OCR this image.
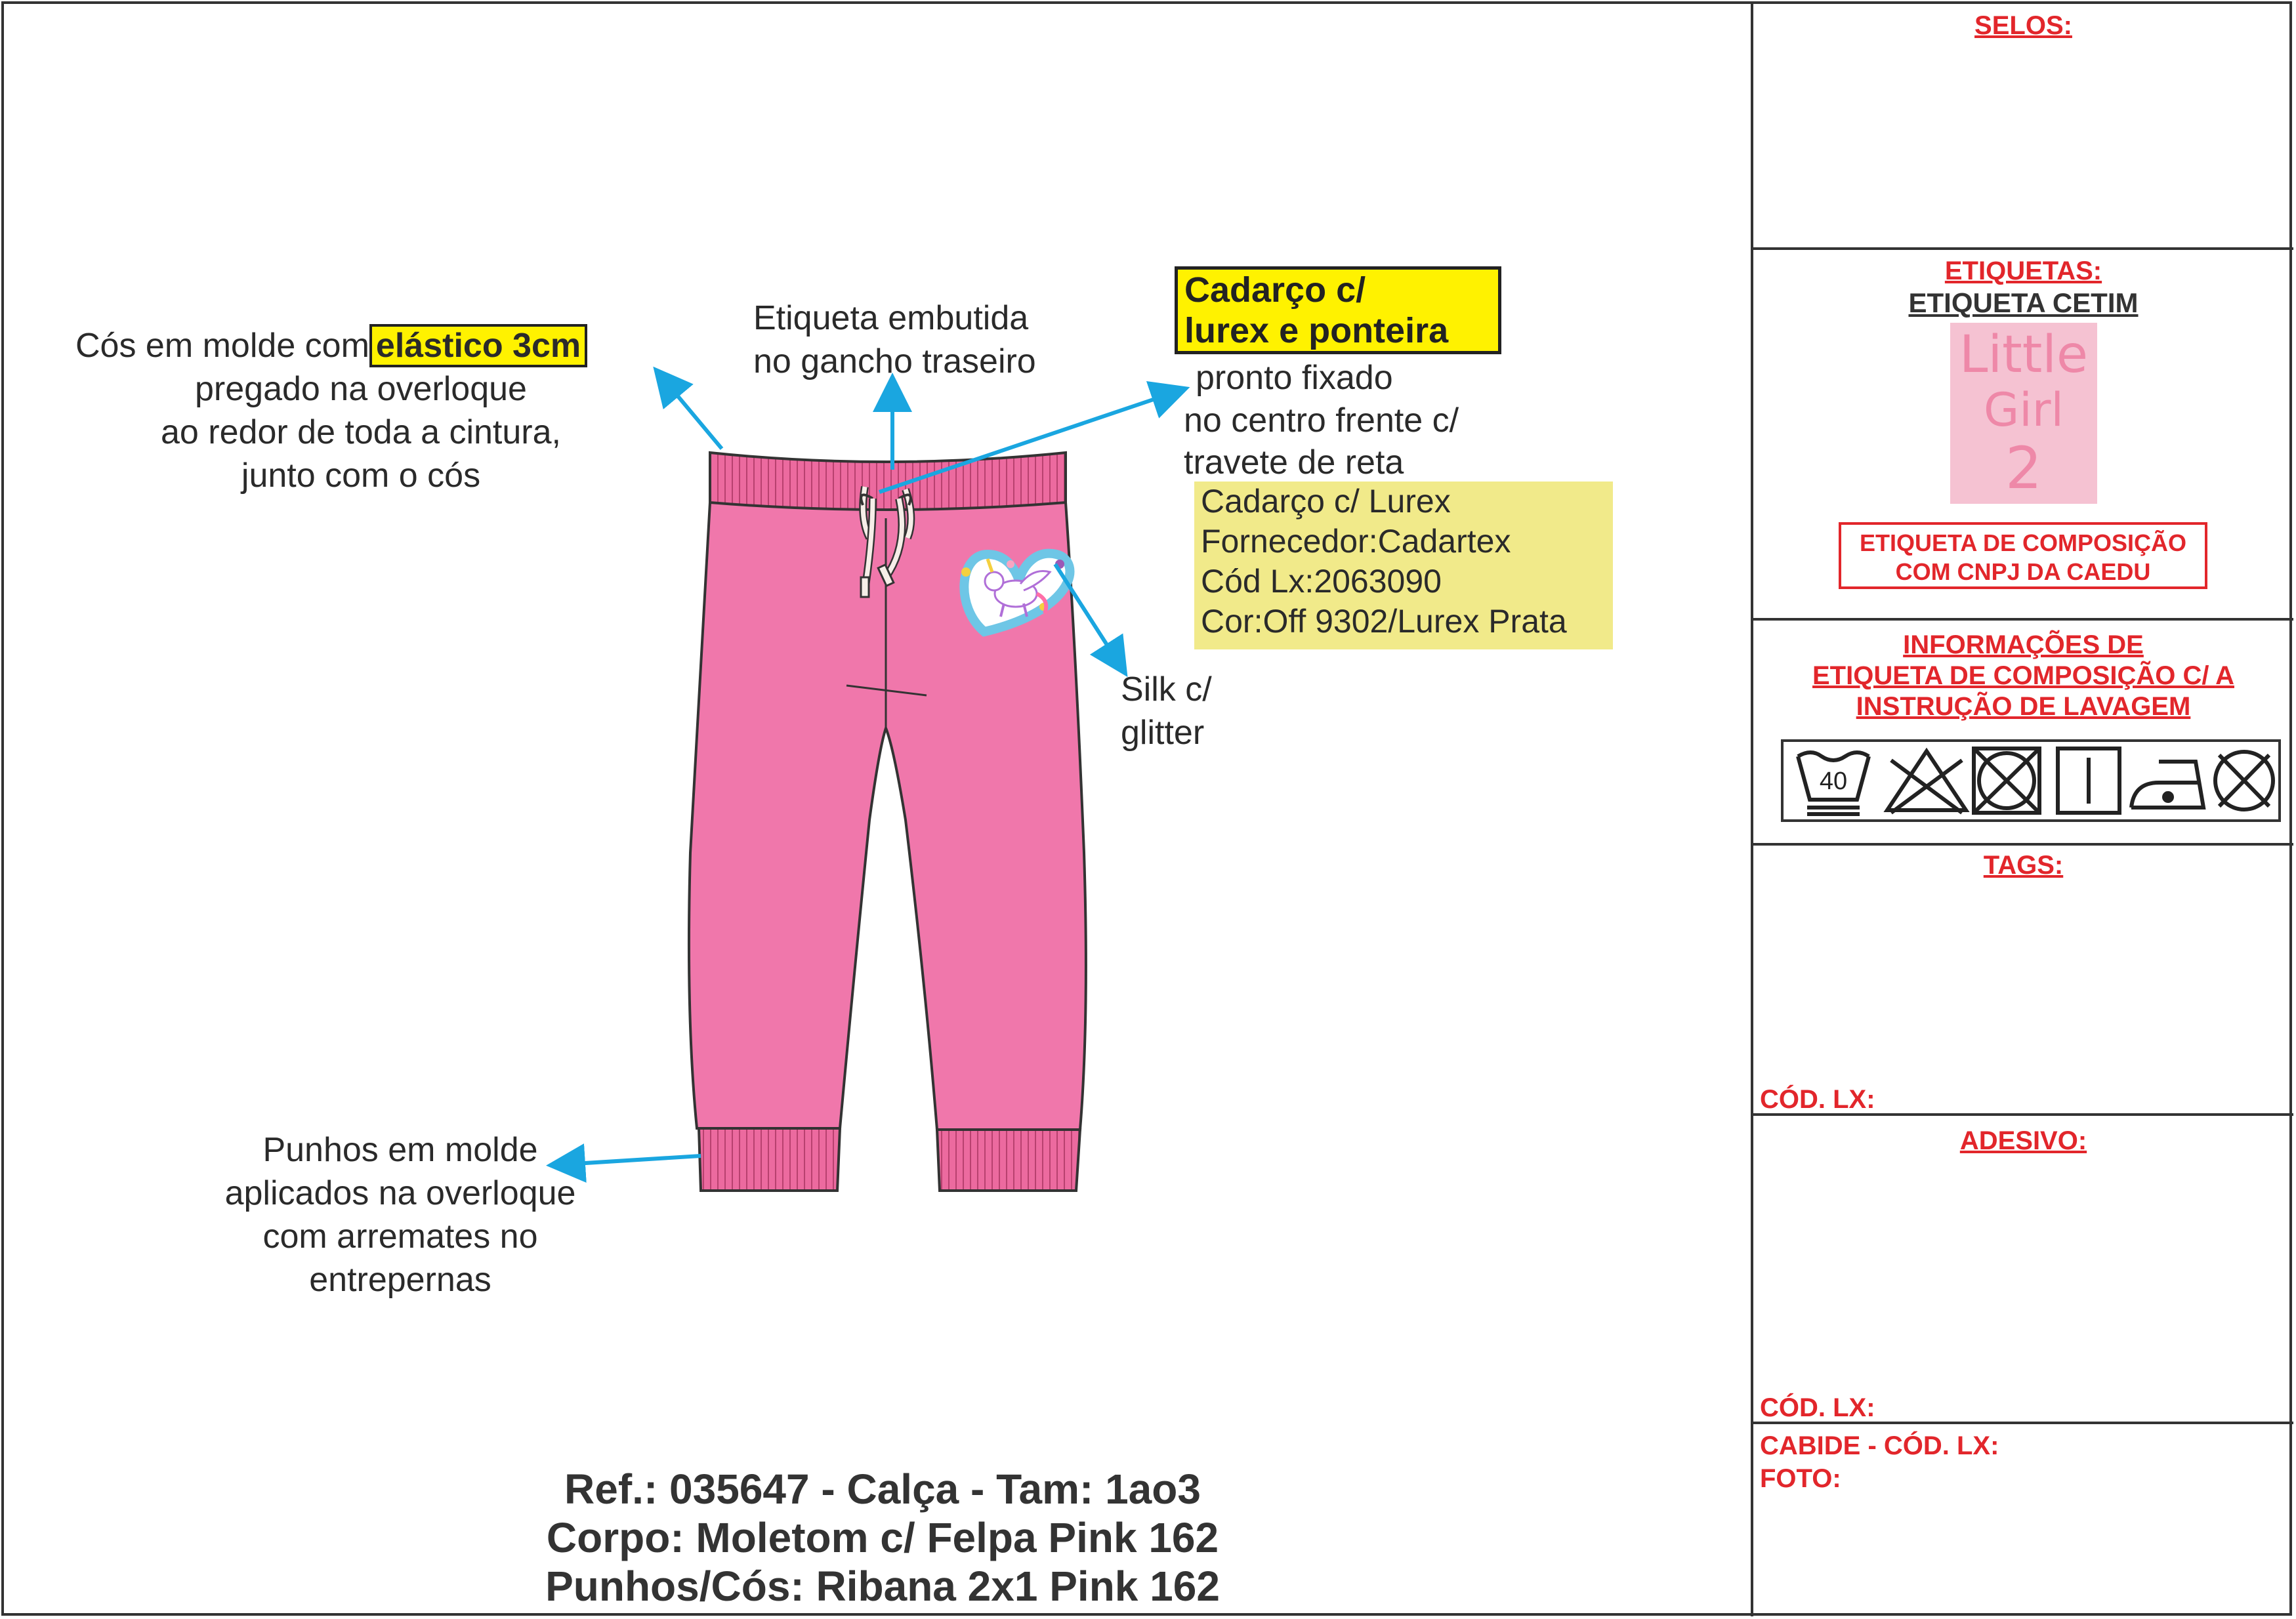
Cós em molde com elástico 3cm
pregado na overloque
ao redor de toda a cintura,
junto com o cós
Etiqueta embutida
no gancho traseiro
Cadarço c/
lurex e ponteira
pronto fixado
no centro frente c/
travete de reta
Cadarço c/ Lurex
Fornecedor:Cadartex
Cód Lx:2063090
Cor:Off 9302/Lurex Prata
Silk c/
glitter
Punhos em molde
aplicados na overloque
com arremates no
entrepernas
Ref.: 035647 - Calça - Tam: 1ao3
Corpo: Moletom c/ Felpa Pink 162
Punhos/Cós: Ribana 2x1 Pink 162
SELOS:
ETIQUETAS:
ETIQUETA CETIM
Little
Girl
2
ETIQUETA DE COMPOSIÇÃO
COM CNPJ DA CAEDU
INFORMAÇÕES DE
ETIQUETA DE COMPOSIÇÃO C/ A
INSTRUÇÃO DE LAVAGEM
40
TAGS:
CÓD. LX:
ADESIVO:
CÓD. LX:
CABIDE - CÓD. LX:
FOTO:
